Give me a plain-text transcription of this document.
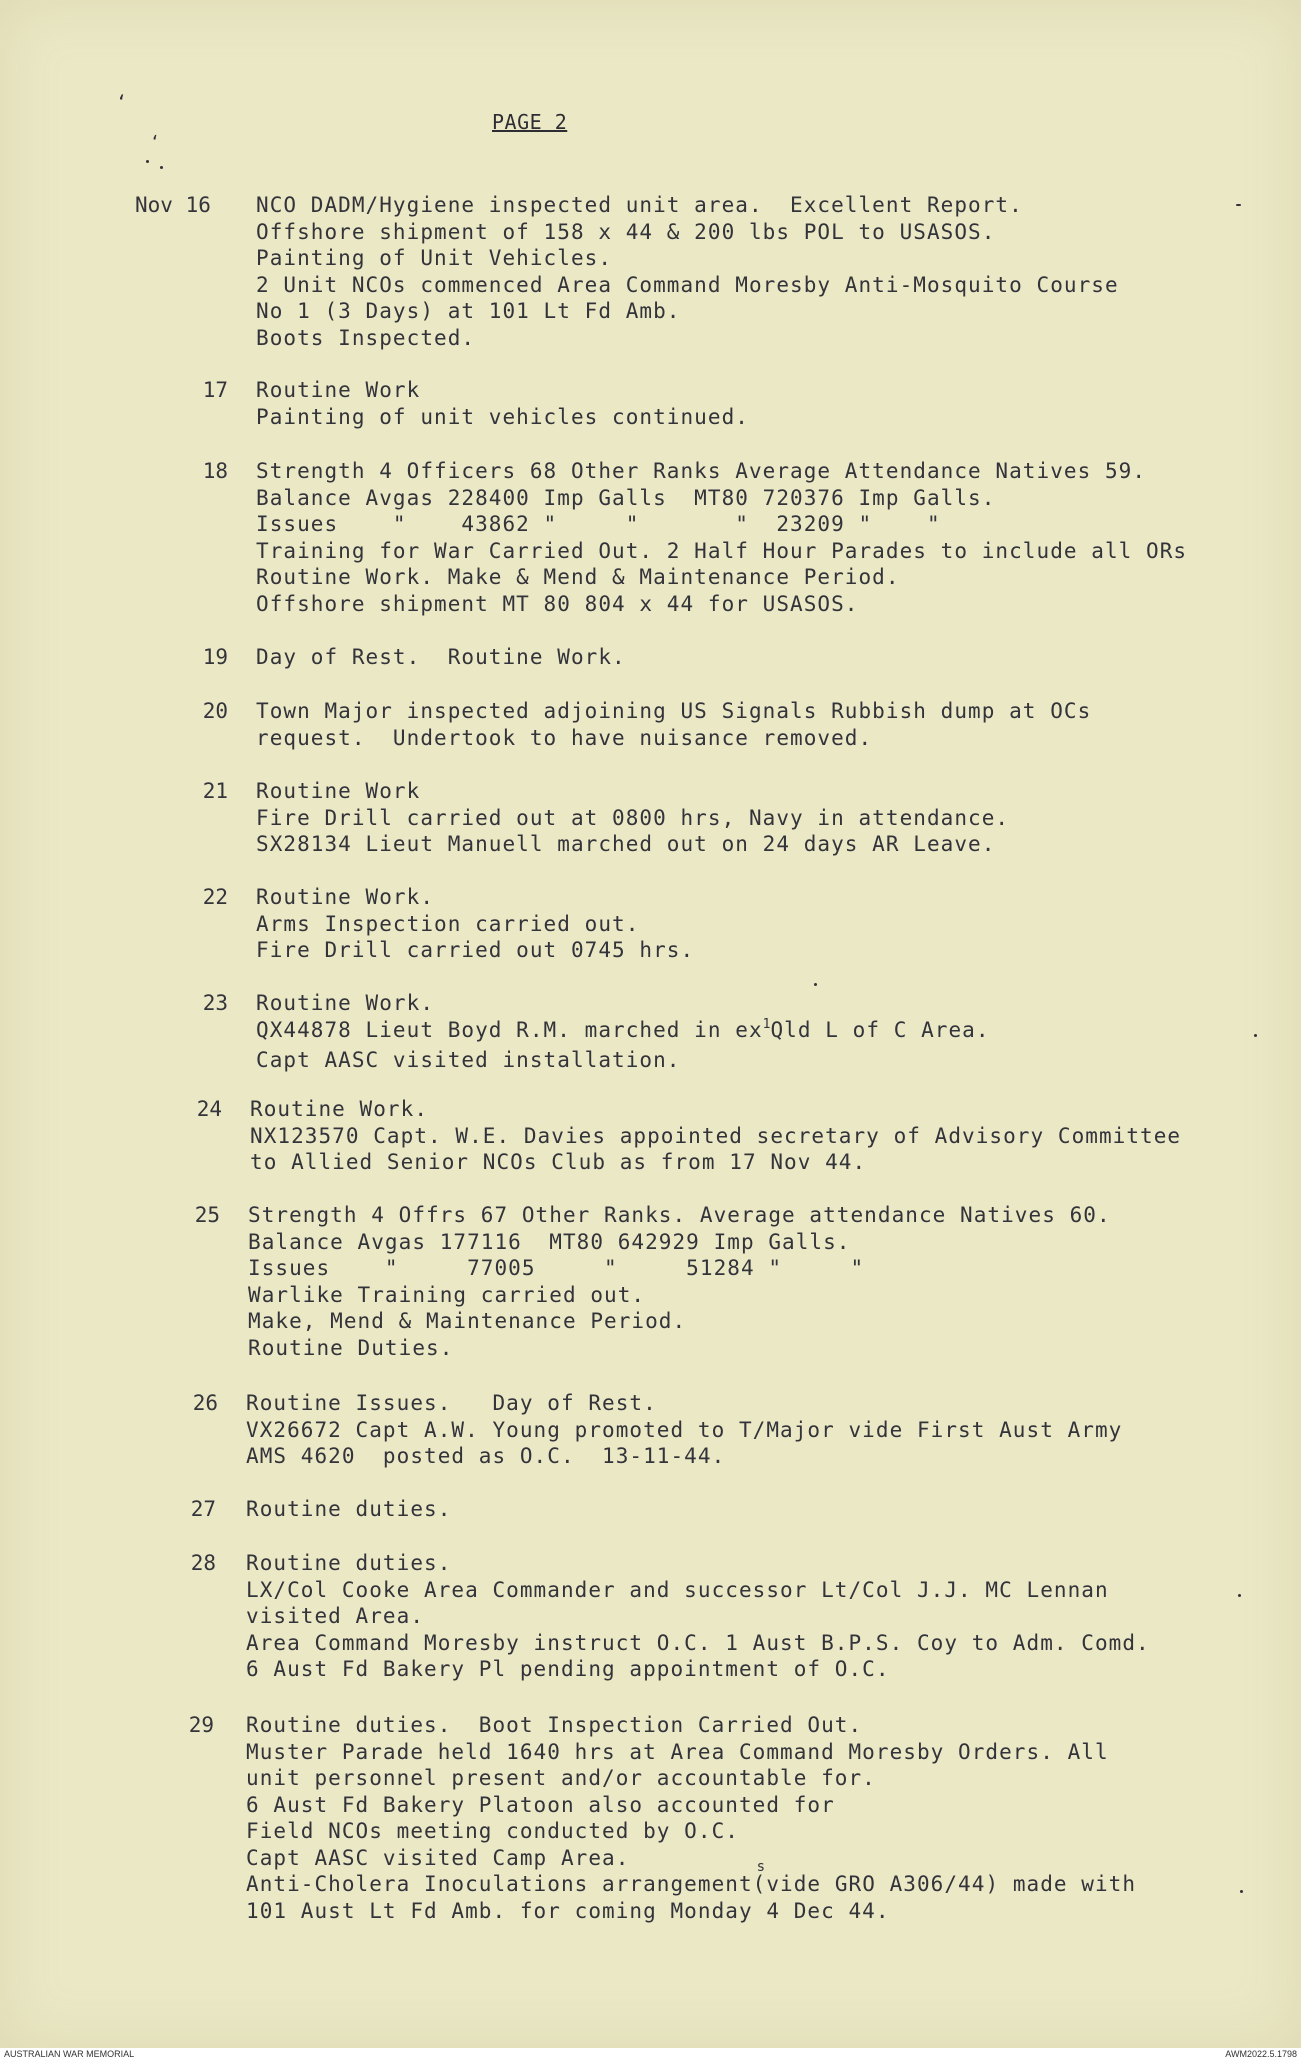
PAGE 2
ʻ
ʻ
Nov 16	NCO DADM/Hygiene inspected unit area.  Excellent Report.
Offshore shipment of 158 x 44 & 200 lbs POL to USASOS.
Painting of Unit Vehicles.
2 Unit NCOs commenced Area Command Moresby Anti-Mosquito Course
No 1 (3 Days) at 101 Lt Fd Amb.
Boots Inspected.
17 Routine Work
Painting of unit vehicles continued.
18 Strength 4 Officers 68 Other Ranks Average Attendance Natives 59.
Balance Avgas 228400 Imp Galls  MT80 720376 Imp Galls.
Issues    "    43862 "     "       "  23209 "    "
Training for War Carried Out. 2 Half Hour Parades to include all ORs
Routine Work. Make & Mend & Maintenance Period.
Offshore shipment MT 80 804 x 44 for USASOS.
19 Day of Rest.  Routine Work.
20 Town Major inspected adjoining US Signals Rubbish dump at OCs
request.  Undertook to have nuisance removed.
21 Routine Work
Fire Drill carried out at 0800 hrs, Navy in attendance.
SX28134 Lieut Manuell marched out on 24 days AR Leave.
22 Routine Work.
Arms Inspection carried out.
Fire Drill carried out 0745 hrs.
23 Routine Work.
QX44878 Lieut Boyd R.M. marched in $ex^1Qld$ L of C Area.
Capt AASC visited installation.
24 Routine Work.
NX123570 Capt. W.E. Davies appointed secretary of Advisory Committee
to Allied Senior NCOs Club as from 17 Nov 44.
25 Strength 4 Offrs 67 Other Ranks. Average attendance Natives 60.
Balance Avgas 177116  MT80 642929 Imp Galls.
Issues    "     77005     "     51284 "     "
Warlike Training carried out.
Make, Mend & Maintenance Period.
Routine Duties.
26 Routine Issues.   Day of Rest.
VX26672 Capt A.W. Young promoted to T/Major vide First Aust Army
AMS 4620  posted as O.C.  13-11-44.
27 Routine duties.
28 Routine duties.
LX/Col Cooke Area Commander and successor Lt/Col J.J. MC Lennan
visited Area.
Area Command Moresby instruct O.C. 1 Aust B.P.S. Coy to Adm. Comd.
6 Aust Fd Bakery Pl pending appointment of O.C.
29 Routine duties.  Boot Inspection Carried Out.
Muster Parade held 1640 hrs at Area Command Moresby Orders. All
unit personnel present and/or accountable for.
6 Aust Fd Bakery Platoon also accounted for
Field NCOs meeting conducted by O.C.
Capt AASC visited Camp Area.
Anti-Cholera Inoculations arrangement
s
(vide GRO A306/44) made with
101 Aust Lt Fd Amb. for coming Monday 4 Dec 44.
AUSTRALIAN WAR MEMORIAL	AWM2022.5.1798
